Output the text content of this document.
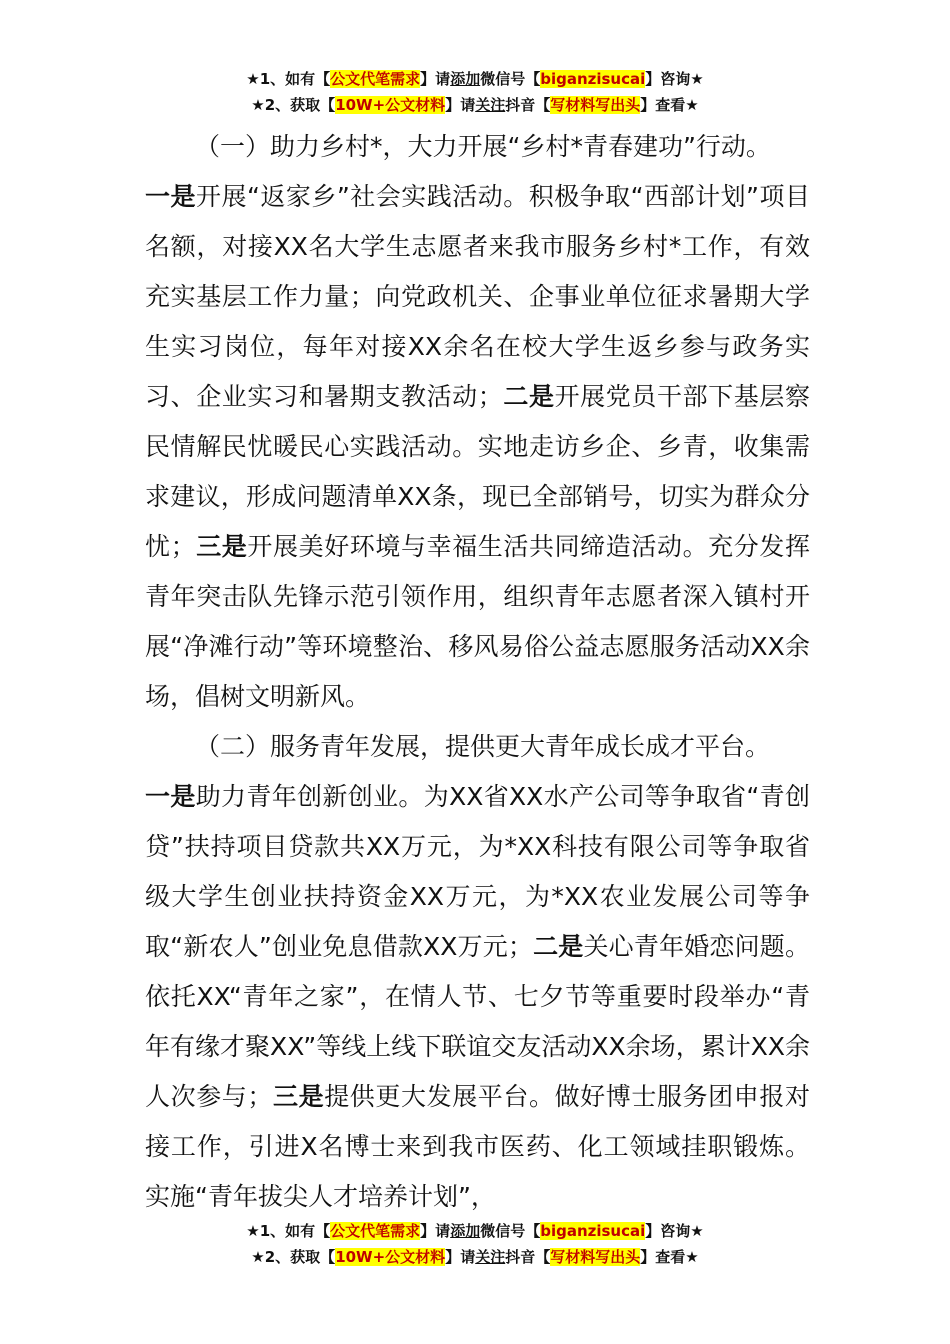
★1、如有【公文代笔需求】请添加微信号【biganzisucai】咨询★
★2、获取【10W+公文材料】请关注抖音【写材料写出头】查看★

（一）助力乡村*，大力开展“乡村*青春建功”行动。

一是开展“返家乡”社会实践活动。积极争取“西部计划”项目名额，对接XX名大学生志愿者来我市服务乡村*工作，有效充实基层工作力量；向党政机关、企事业单位征求暑期大学生实习岗位，每年对接XX余名在校大学生返乡参与政务实习、企业实习和暑期支教活动；二是开展党员干部下基层察民情解民忧暖民心实践活动。实地走访乡企、乡青，收集需求建议，形成问题清单XX条，现已全部销号，切实为群众分忧；三是开展美好环境与幸福生活共同缔造活动。充分发挥青年突击队先锋示范引领作用，组织青年志愿者深入镇村开展“净滩行动”等环境整治、移风易俗公益志愿服务活动XX余场，倡树文明新风。

（二）服务青年发展，提供更大青年成长成才平台。

一是助力青年创新创业。为XX省XX水产公司等争取省“青创贷”扶持项目贷款共XX万元，为*XX科技有限公司等争取省级大学生创业扶持资金XX万元，为*XX农业发展公司等争取“新农人”创业免息借款XX万元；二是关心青年婚恋问题。依托XX“青年之家”，在情人节、七夕节等重要时段举办“青年有缘才聚XX”等线上线下联谊交友活动XX余场，累计XX余人次参与；三是提供更大发展平台。做好博士服务团申报对接工作，引进X名博士来到我市医药、化工领域挂职锻炼。实施“青年拔尖人才培养计划”，

★1、如有【公文代笔需求】请添加微信号【biganzisucai】咨询★
★2、获取【10W+公文材料】请关注抖音【写材料写出头】查看★
